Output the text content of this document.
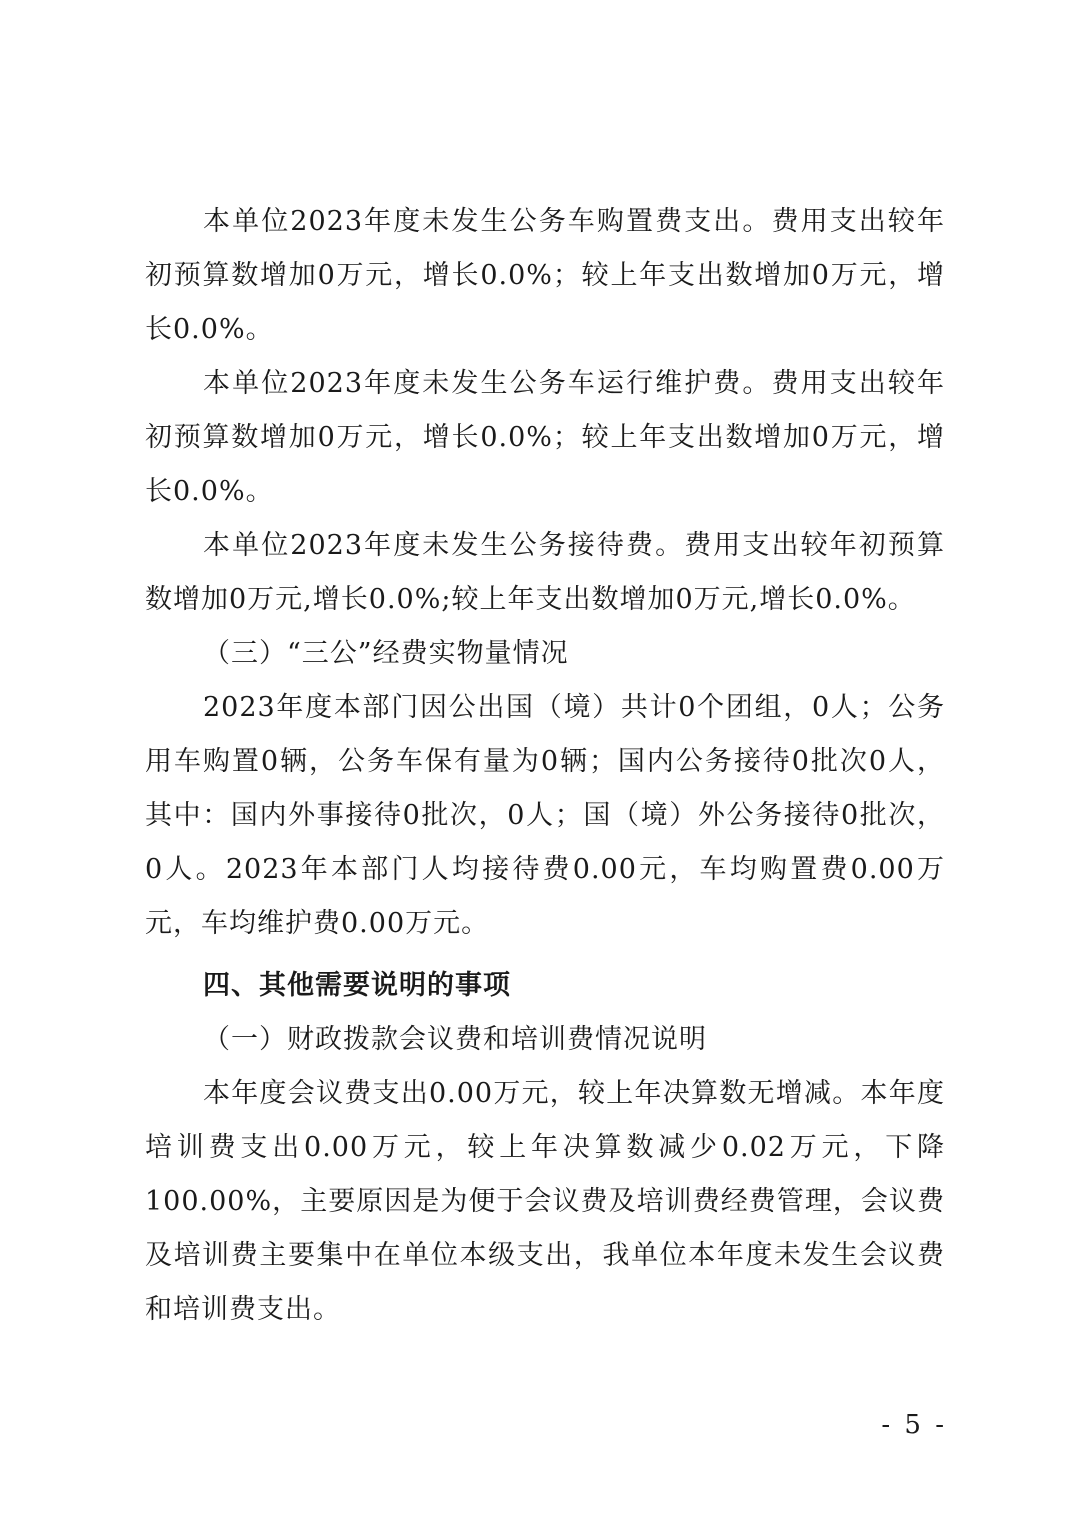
本单位2023年度未发生公务车购置费支出。费用支出较年初预算数增加0万元，增长0.0%；较上年支出数增加0万元，增长0.0%。

本单位2023年度未发生公务车运行维护费。费用支出较年初预算数增加0万元，增长0.0%；较上年支出数增加0万元，增长0.0%。

本单位2023年度未发生公务接待费。费用支出较年初预算数增加0万元,增长0.0%;较上年支出数增加0万元,增长0.0%。

（三）“三公”经费实物量情况

2023年度本部门因公出国（境）共计0个团组，0人；公务用车购置0辆，公务车保有量为0辆；国内公务接待0批次0人，其中：国内外事接待0批次，0人；国（境）外公务接待0批次，0人。2023年本部门人均接待费0.00元，车均购置费0.00万元，车均维护费0.00万元。

四、其他需要说明的事项

（一）财政拨款会议费和培训费情况说明

本年度会议费支出0.00万元，较上年决算数无增减。本年度培训费支出0.00万元，较上年决算数减少0.02万元，下降100.00%，主要原因是为便于会议费及培训费经费管理，会议费及培训费主要集中在单位本级支出，我单位本年度未发生会议费和培训费支出。

- 5 -
